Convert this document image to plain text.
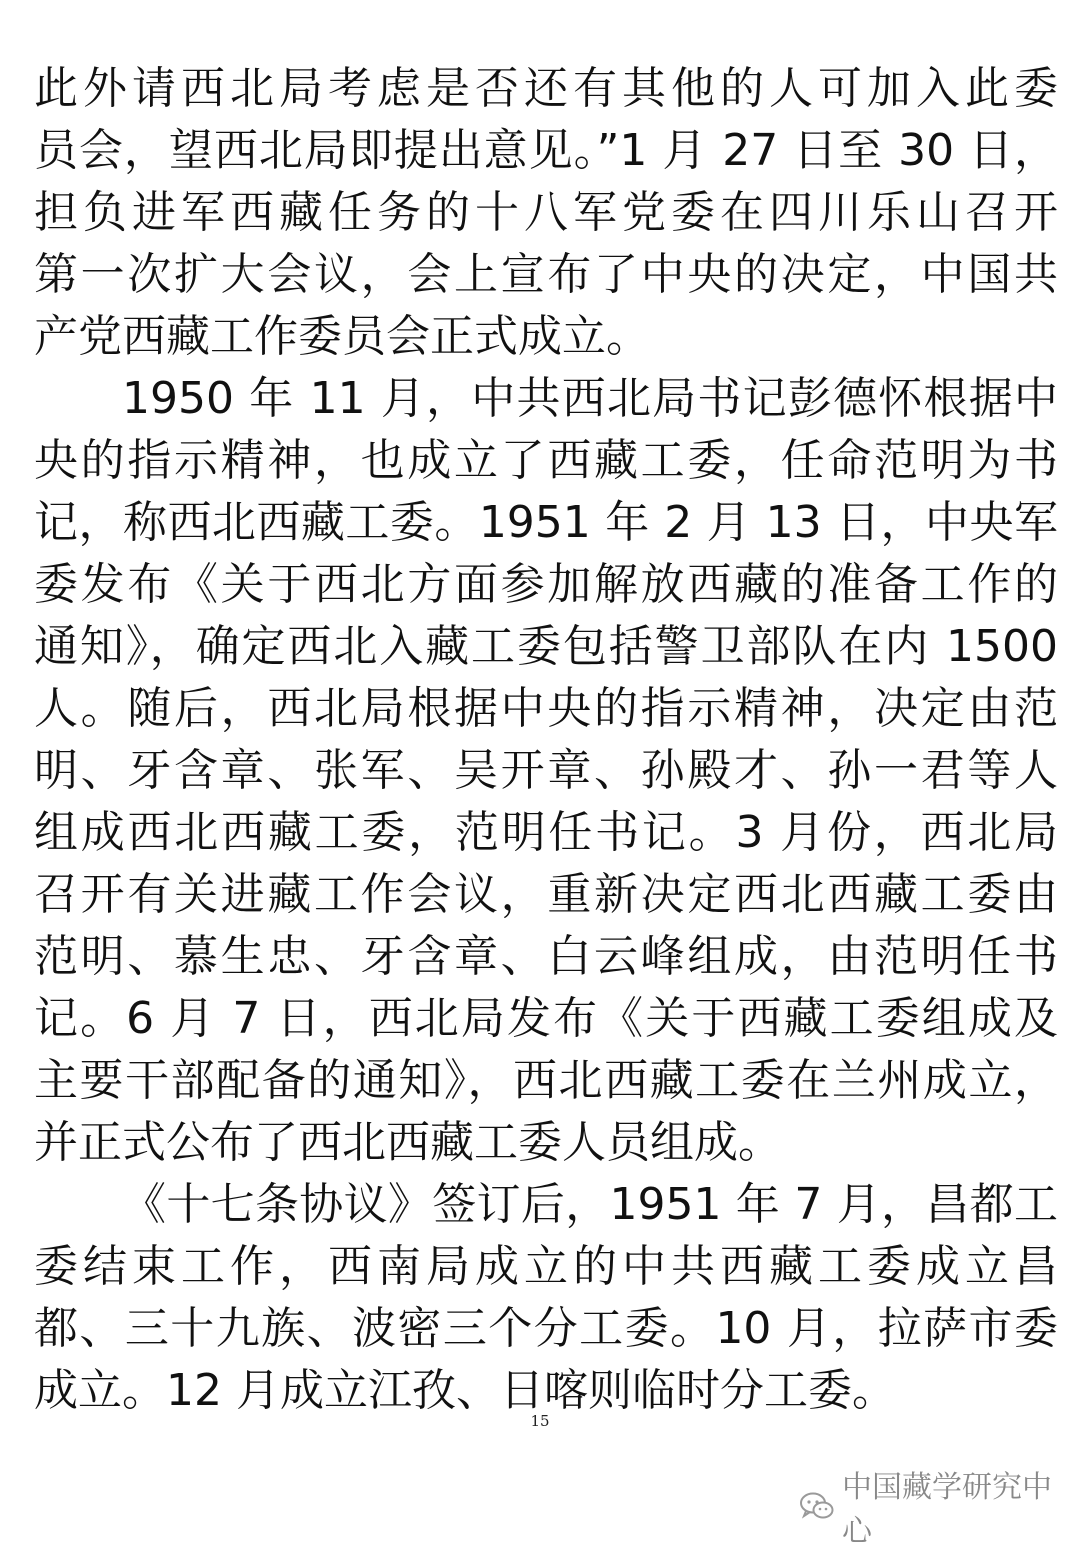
此外请西北局考虑是否还有其他的人可加入此委
员会，望西北局即提出意见。”1 月 27 日至 30 日，
担负进军西藏任务的十八军党委在四川乐山召开
第一次扩大会议，会上宣布了中央的决定，中国共
产党西藏工作委员会正式成立。
1950 年 11 月，中共西北局书记彭德怀根据中
央的指示精神，也成立了西藏工委，任命范明为书
记，称西北西藏工委。1951 年 2 月 13 日，中央军
委发布《关于西北方面参加解放西藏的准备工作的
通知》，确定西北入藏工委包括警卫部队在内 1500
人。随后，西北局根据中央的指示精神，决定由范
明、牙含章、张军、吴开章、孙殿才、孙一君等人
组成西北西藏工委，范明任书记。3 月份，西北局
召开有关进藏工作会议，重新决定西北西藏工委由
范明、慕生忠、牙含章、白云峰组成，由范明任书
记。6 月 7 日，西北局发布《关于西藏工委组成及
主要干部配备的通知》，西北西藏工委在兰州成立，
并正式公布了西北西藏工委人员组成。
《十七条协议》签订后，1951 年 7 月，昌都工
委结束工作，西南局成立的中共西藏工委成立昌
都、三十九族、波密三个分工委。10 月，拉萨市委
成立。12 月成立江孜、日喀则临时分工委。
15
中国藏学研究中心
